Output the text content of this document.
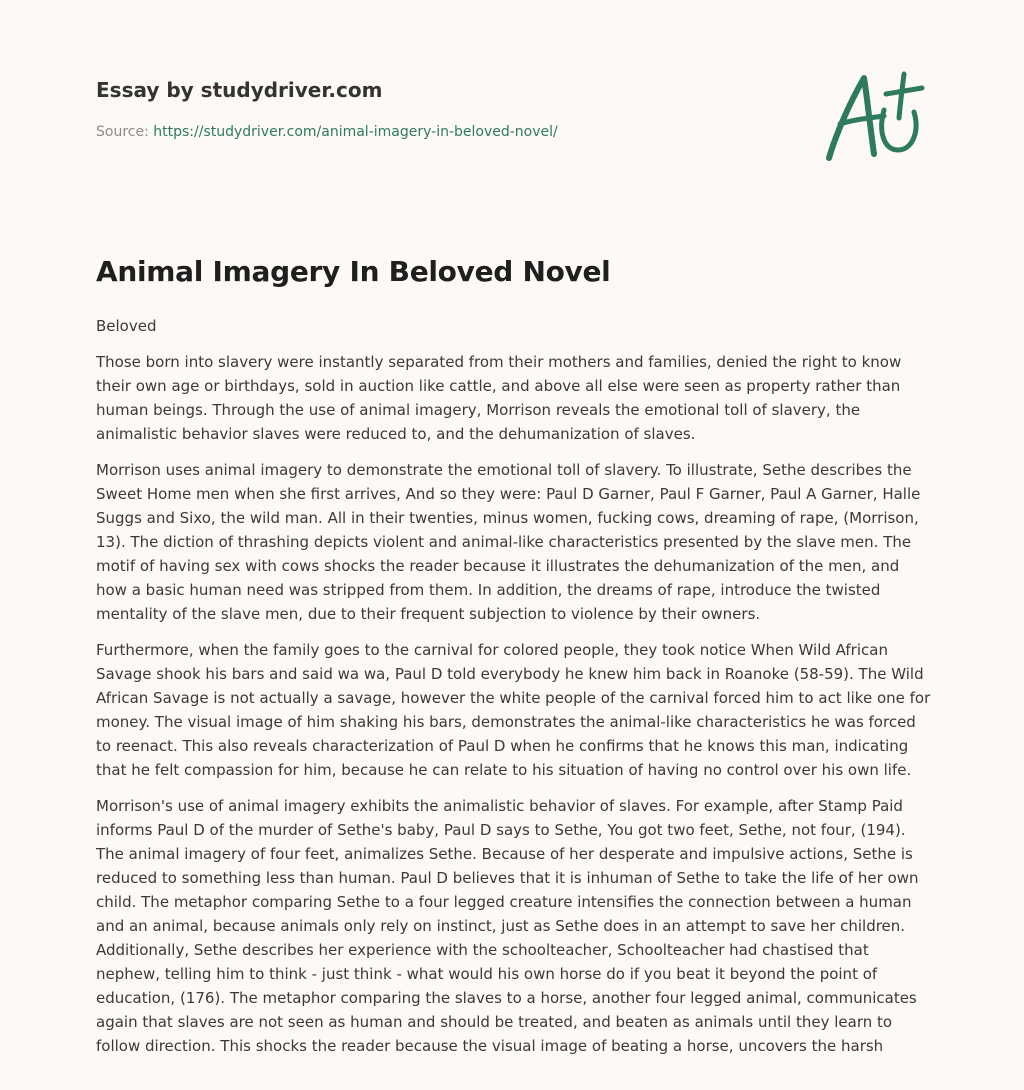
Essay by studydriver.com

Source: https://studydriver.com/animal-imagery-in-beloved-novel/
Animal Imagery In Beloved Novel

Beloved

Those born into slavery were instantly separated from their mothers and families, denied the right to know their own age or birthdays, sold in auction like cattle, and above all else were seen as property rather than human beings. Through the use of animal imagery, Morrison reveals the emotional toll of slavery, the animalistic behavior slaves were reduced to, and the dehumanization of slaves.

Morrison uses animal imagery to demonstrate the emotional toll of slavery. To illustrate, Sethe describes the Sweet Home men when she first arrives, And so they were: Paul D Garner, Paul F Garner, Paul A Garner, Halle Suggs and Sixo, the wild man. All in their twenties, minus women, fucking cows, dreaming of rape, (Morrison, 13). The diction of thrashing depicts violent and animal-like characteristics presented by the slave men. The motif of having sex with cows shocks the reader because it illustrates the dehumanization of the men, and how a basic human need was stripped from them. In addition, the dreams of rape, introduce the twisted mentality of the slave men, due to their frequent subjection to violence by their owners.

Furthermore, when the family goes to the carnival for colored people, they took notice When Wild African Savage shook his bars and said wa wa, Paul D told everybody he knew him back in Roanoke (58-59). The Wild African Savage is not actually a savage, however the white people of the carnival forced him to act like one for money. The visual image of him shaking his bars, demonstrates the animal-like characteristics he was forced to reenact. This also reveals characterization of Paul D when he confirms that he knows this man, indicating that he felt compassion for him, because he can relate to his situation of having no control over his own life.

Morrison's use of animal imagery exhibits the animalistic behavior of slaves. For example, after Stamp Paid informs Paul D of the murder of Sethe's baby, Paul D says to Sethe, You got two feet, Sethe, not four, (194). The animal imagery of four feet, animalizes Sethe. Because of her desperate and impulsive actions, Sethe is reduced to something less than human. Paul D believes that it is inhuman of Sethe to take the life of her own child. The metaphor comparing Sethe to a four legged creature intensifies the connection between a human and an animal, because animals only rely on instinct, just as Sethe does in an attempt to save her children. Additionally, Sethe describes her experience with the schoolteacher, Schoolteacher had chastised that nephew, telling him to think - just think - what would his own horse do if you beat it beyond the point of education, (176). The metaphor comparing the slaves to a horse, another four legged animal, communicates again that slaves are not seen as human and should be treated, and beaten as animals until they learn to follow direction. This shocks the reader because the visual image of beating a horse, uncovers the harsh
